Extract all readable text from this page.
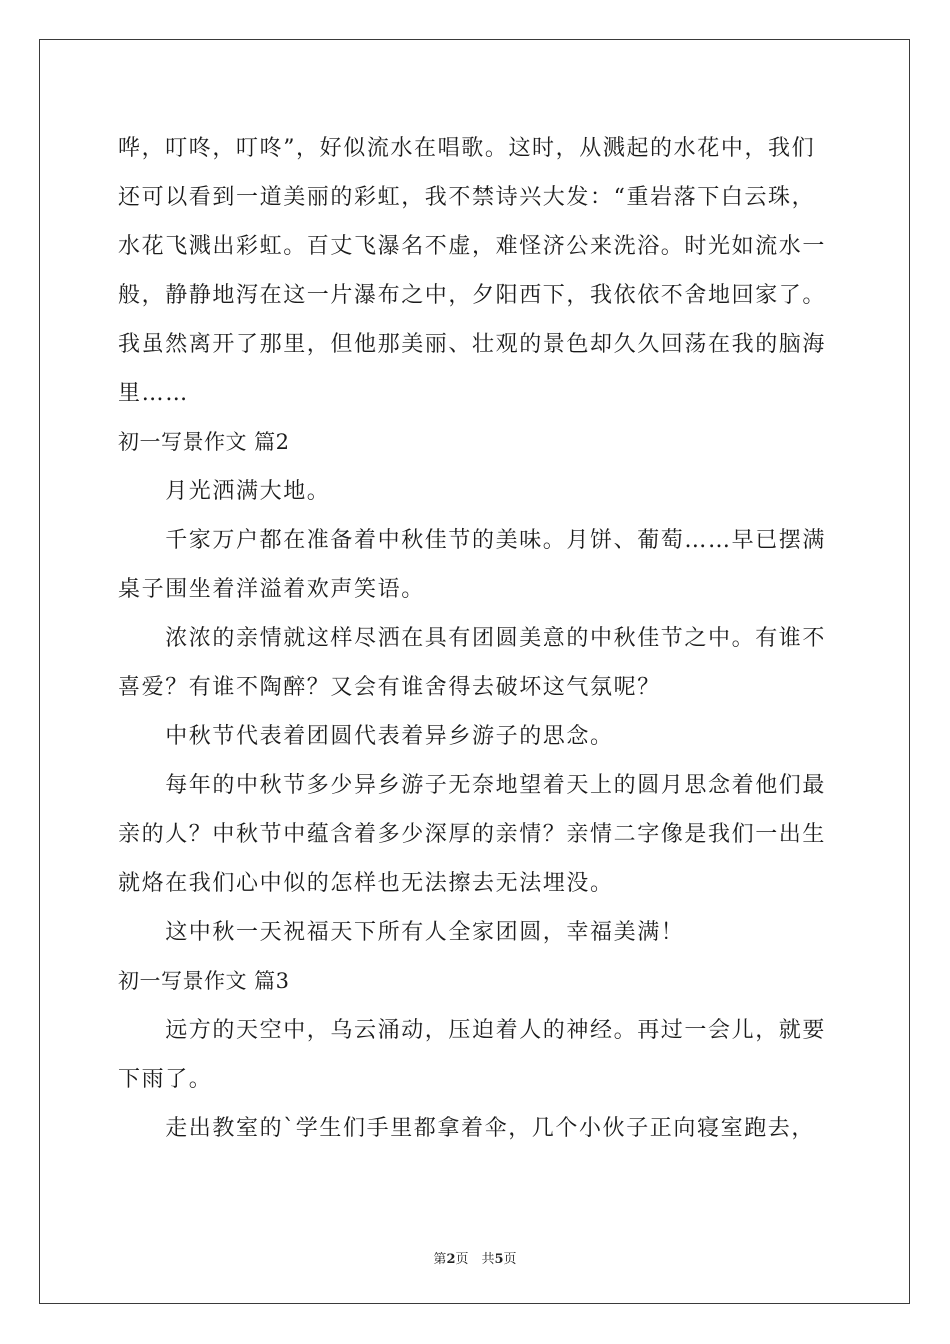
哗，叮咚，叮咚”，好似流水在唱歌。这时，从溅起的水花中，我们
还可以看到一道美丽的彩虹，我不禁诗兴大发：“重岩落下白云珠，
水花飞溅出彩虹。百丈飞瀑名不虚，难怪济公来洗浴。时光如流水一
般，静静地泻在这一片瀑布之中，夕阳西下，我依依不舍地回家了。
我虽然离开了那里，但他那美丽、壮观的景色却久久回荡在我的脑海
里……
初一写景作文 篇2
　　月光洒满大地。
　　千家万户都在准备着中秋佳节的美味。月饼、葡萄……早已摆满
桌子围坐着洋溢着欢声笑语。
　　浓浓的亲情就这样尽洒在具有团圆美意的中秋佳节之中。有谁不
喜爱？有谁不陶醉？又会有谁舍得去破坏这气氛呢？
　　中秋节代表着团圆代表着异乡游子的思念。
　　每年的中秋节多少异乡游子无奈地望着天上的圆月思念着他们最
亲的人？中秋节中蕴含着多少深厚的亲情？亲情二字像是我们一出生
就烙在我们心中似的怎样也无法擦去无法埋没。
　　这中秋一天祝福天下所有人全家团圆，幸福美满！
初一写景作文 篇3
　　远方的天空中，乌云涌动，压迫着人的神经。再过一会儿，就要
下雨了。
　　走出教室的`学生们手里都拿着伞，几个小伙子正向寝室跑去，
第2页　共5页
